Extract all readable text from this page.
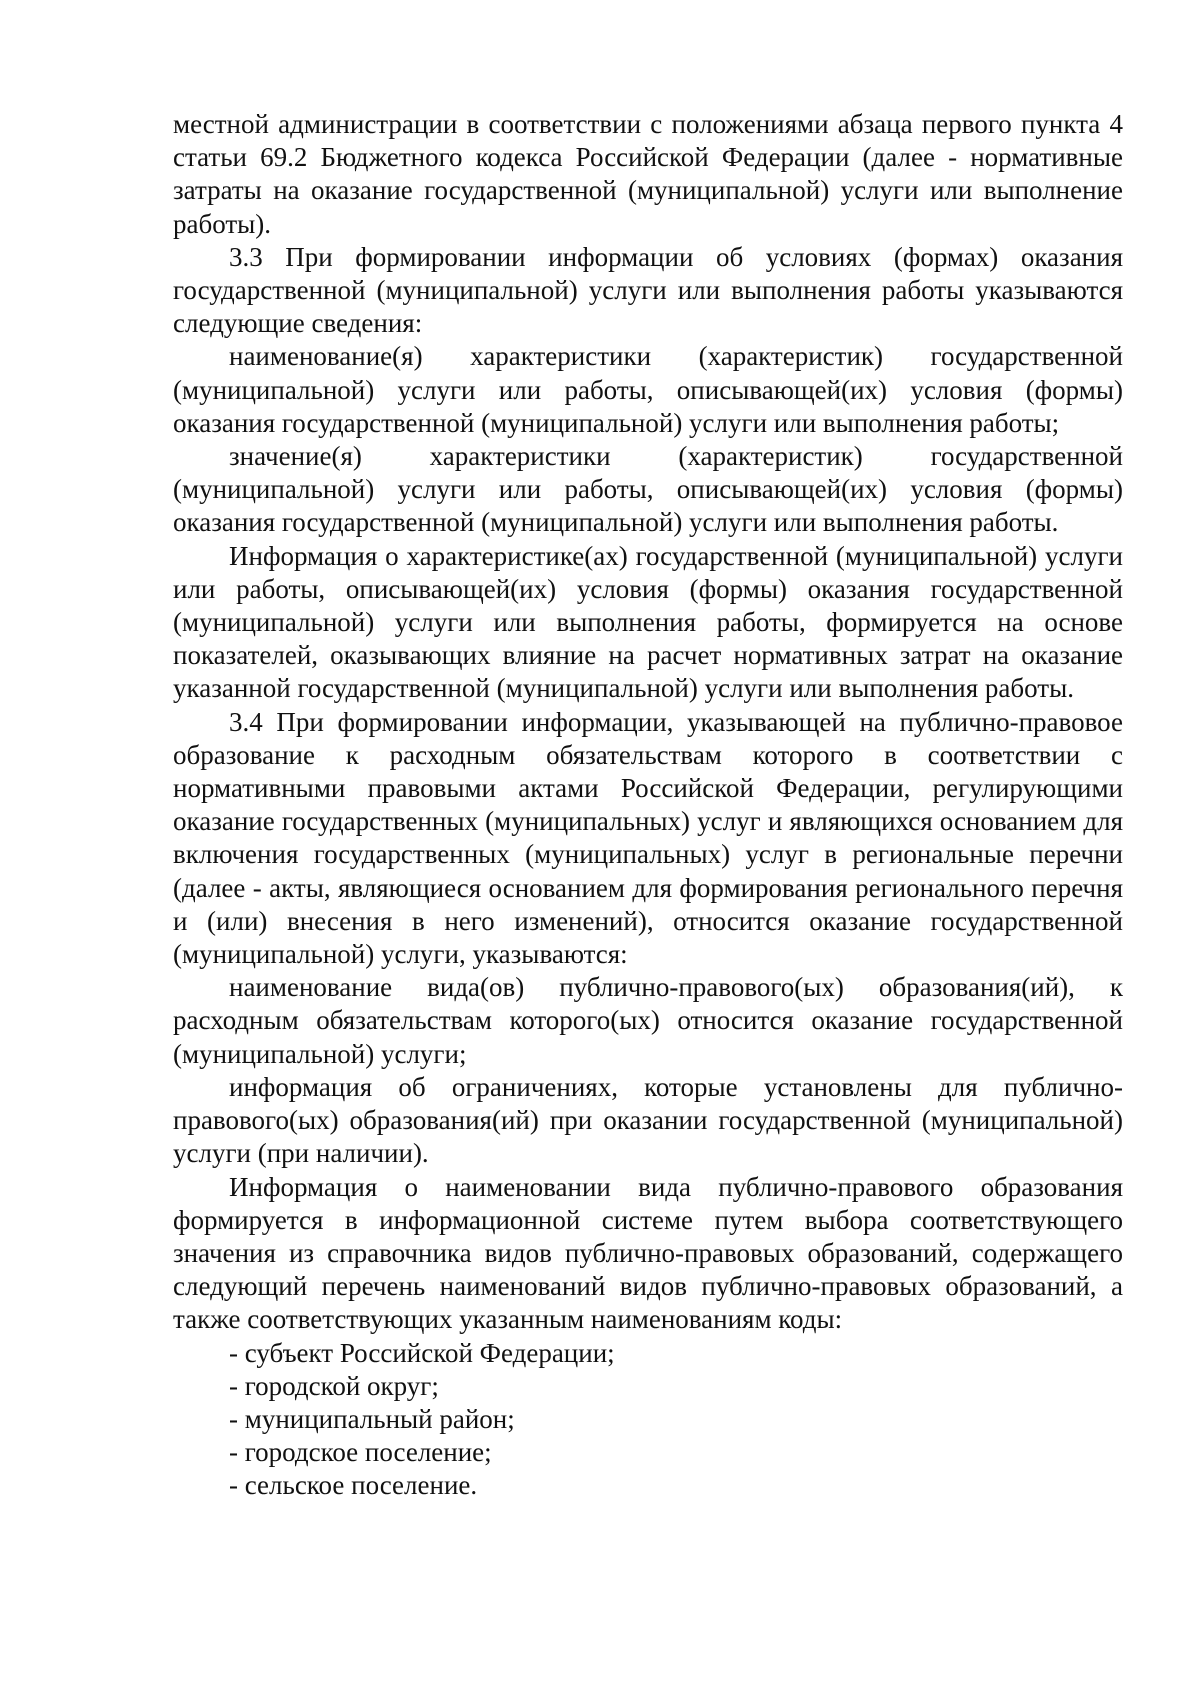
местной администрации в соответствии с положениями абзаца первого пункта 4 статьи 69.2 Бюджетного кодекса Российской Федерации (далее - нормативные затраты на оказание государственной (муниципальной) услуги или выполнение работы).

3.3 При формировании информации об условиях (формах) оказания государственной (муниципальной) услуги или выполнения работы указываются следующие сведения:

наименование(я) характеристики (характеристик) государственной (муниципальной) услуги или работы, описывающей(их) условия (формы) оказания государственной (муниципальной) услуги или выполнения работы;

значение(я) характеристики (характеристик) государственной (муниципальной) услуги или работы, описывающей(их) условия (формы) оказания государственной (муниципальной) услуги или выполнения работы.

Информация о характеристике(ах) государственной (муниципальной) услуги или работы, описывающей(их) условия (формы) оказания государственной (муниципальной) услуги или выполнения работы, формируется на основе показателей, оказывающих влияние на расчет нормативных затрат на оказание указанной государственной (муниципальной) услуги или выполнения работы.

3.4 При формировании информации, указывающей на публично-правовое образование к расходным обязательствам которого в соответствии с нормативными правовыми актами Российской Федерации, регулирующими оказание государственных (муниципальных) услуг и являющихся основанием для включения государственных (муниципальных) услуг в региональные перечни (далее - акты, являющиеся основанием для формирования регионального перечня и (или) внесения в него изменений), относится оказание государственной (муниципальной) услуги, указываются:

наименование вида(ов) публично-правового(ых) образования(ий), к расходным обязательствам которого(ых) относится оказание государственной (муниципальной) услуги;

информация об ограничениях, которые установлены для публично-правового(ых) образования(ий) при оказании государственной (муниципальной) услуги (при наличии).

Информация о наименовании вида публично-правового образования формируется в информационной системе путем выбора соответствующего значения из справочника видов публично-правовых образований, содержащего следующий перечень наименований видов публично-правовых образований, а также соответствующих указанным наименованиям коды:

- субъект Российской Федерации;

- городской округ;

- муниципальный район;

- городское поселение;

- сельское поселение.
